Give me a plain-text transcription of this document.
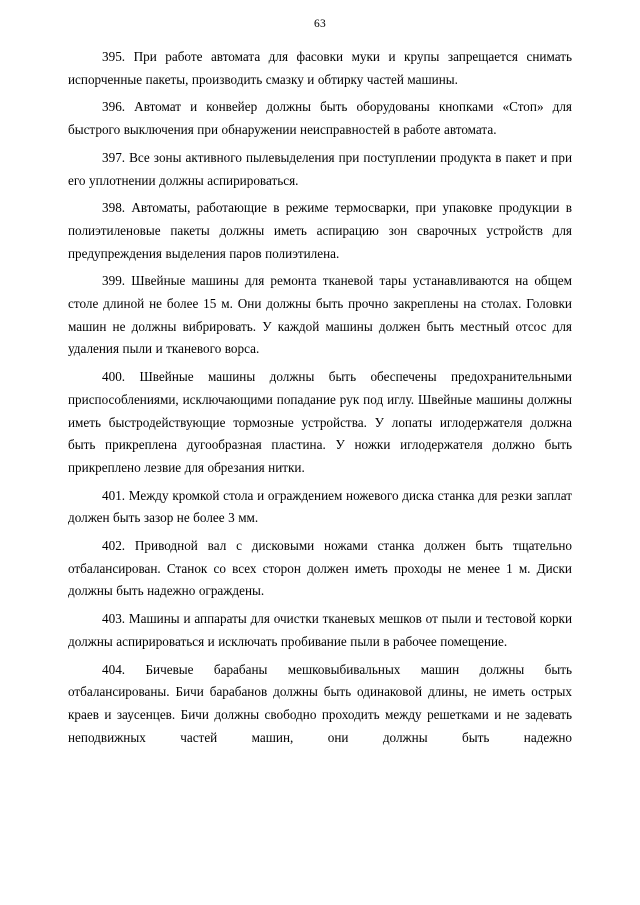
63

395. При работе автомата для фасовки муки и крупы запрещается снимать испорченные пакеты, производить смазку и обтирку частей машины.

396. Автомат и конвейер должны быть оборудованы кнопками «Стоп» для быстрого выключения при обнаружении неисправностей в работе автомата.

397. Все зоны активного пылевыделения при поступлении продукта в пакет и при его уплотнении должны аспирироваться.

398. Автоматы, работающие в режиме термосварки, при упаковке продукции в полиэтиленовые пакеты должны иметь аспирацию зон сварочных устройств для предупреждения выделения паров полиэтилена.

399. Швейные машины для ремонта тканевой тары устанавливаются на общем столе длиной не более 15 м. Они должны быть прочно закреплены на столах. Головки машин не должны вибрировать. У каждой машины должен быть местный отсос для удаления пыли и тканевого ворса.

400. Швейные машины должны быть обеспечены предохранительными приспособлениями, исключающими попадание рук под иглу. Швейные машины должны иметь быстродействующие тормозные устройства. У лопаты иглодержателя должна быть прикреплена дугообразная пластина. У ножки иглодержателя должно быть прикреплено лезвие для обрезания нитки.

401. Между кромкой стола и ограждением ножевого диска станка для резки заплат должен быть зазор не более 3 мм.

402. Приводной вал с дисковыми ножами станка должен быть тщательно отбалансирован. Станок со всех сторон должен иметь проходы не менее 1 м. Диски должны быть надежно ограждены.

403. Машины и аппараты для очистки тканевых мешков от пыли и тестовой корки должны аспирироваться и исключать пробивание пыли в рабочее помещение.

404. Бичевые барабаны мешковыбивальных машин должны быть отбалансированы. Бичи барабанов должны быть одинаковой длины, не иметь острых краев и заусенцев. Бичи должны свободно проходить между решетками и не задевать неподвижных частей машин, они должны быть надежно
